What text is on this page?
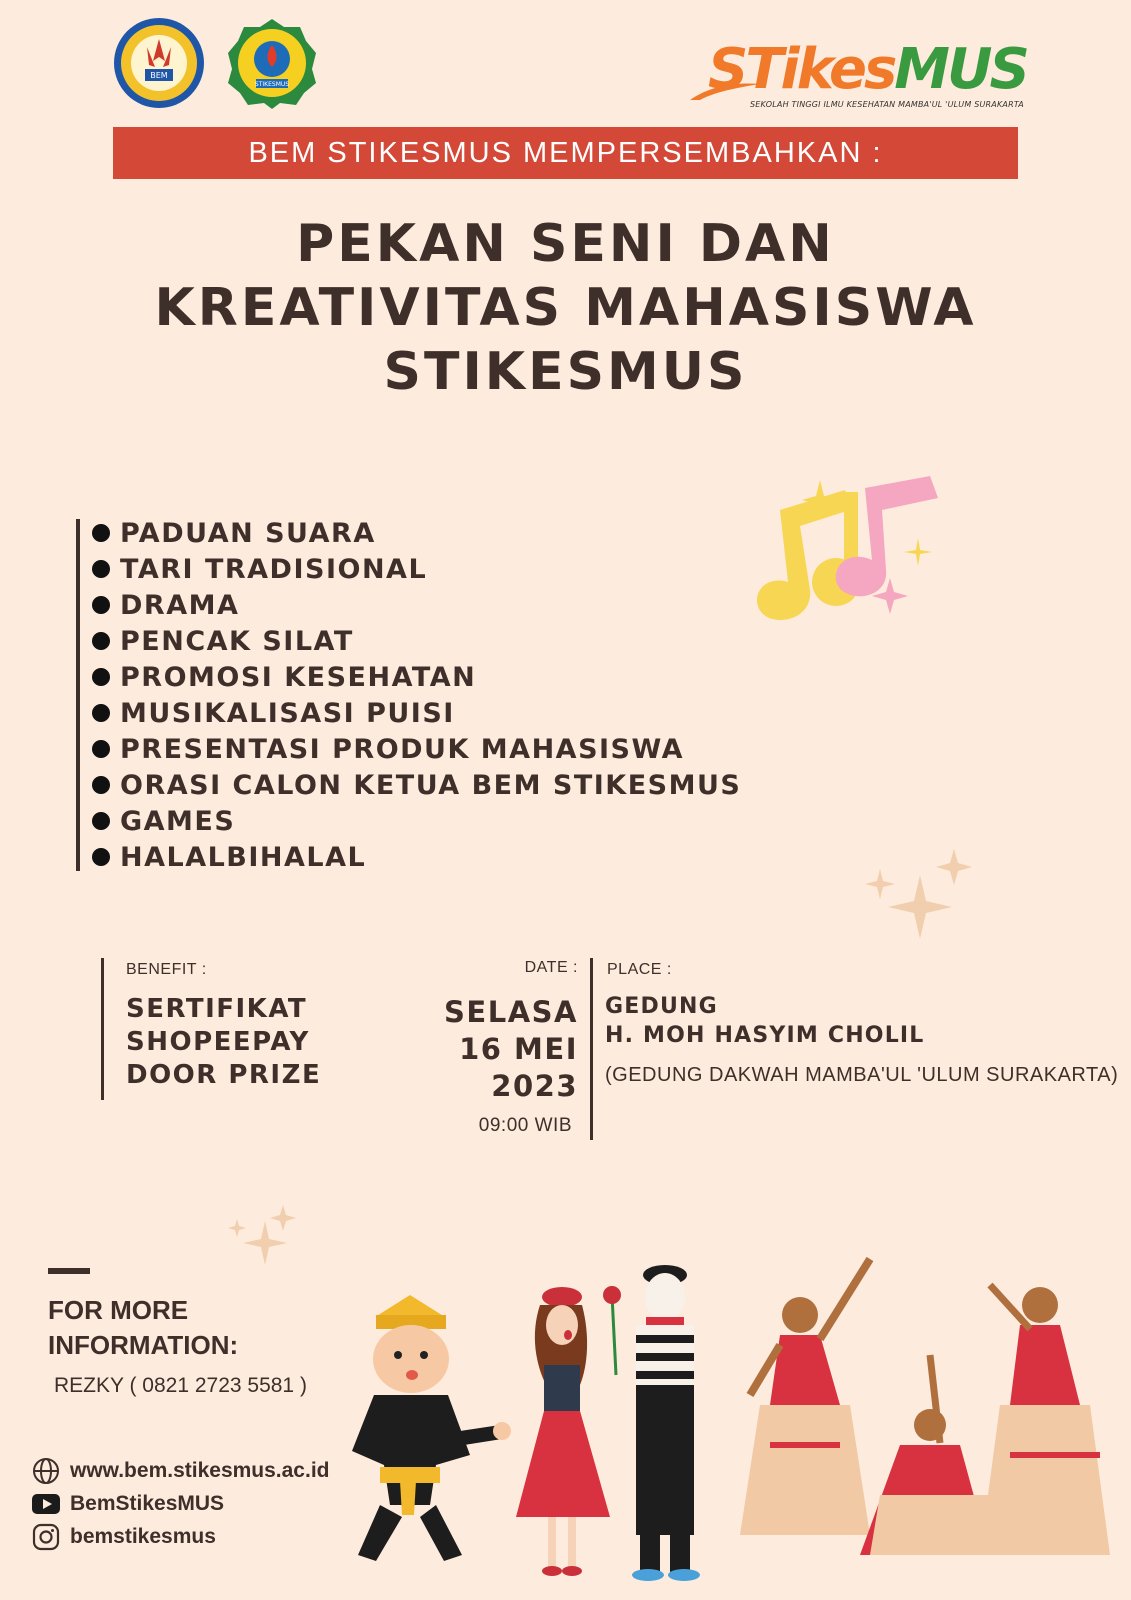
BEM
STIKESMUS	STikesMUS
SEKOLAH TINGGI ILMU KESEHATAN MAMBA'UL 'ULUM SURAKARTA
BEM STIKESMUS MEMPERSEMBAHKAN :
PEKAN SENI DAN
KREATIVITAS MAHASISWA
STIKESMUS
PADUAN SUARA
TARI TRADISIONAL
DRAMA
PENCAK SILAT
PROMOSI KESEHATAN
MUSIKALISASI PUISI
PRESENTASI PRODUK MAHASISWA
ORASI CALON KETUA BEM STIKESMUS
GAMES
HALALBIHALAL
BENEFIT :
SERTIFIKAT
SHOPEEPAY
DOOR PRIZE
DATE :
SELASA
16 MEI
2023
09:00 WIB
PLACE :
GEDUNG
H. MOH HASYIM CHOLIL
(GEDUNG DAKWAH MAMBA'UL 'ULUM SURAKARTA)
FOR MORE
INFORMATION:
REZKY ( 0821 2723 5581 )
www.bem.stikesmus.ac.id
BemStikesMUS
bemstikesmus
